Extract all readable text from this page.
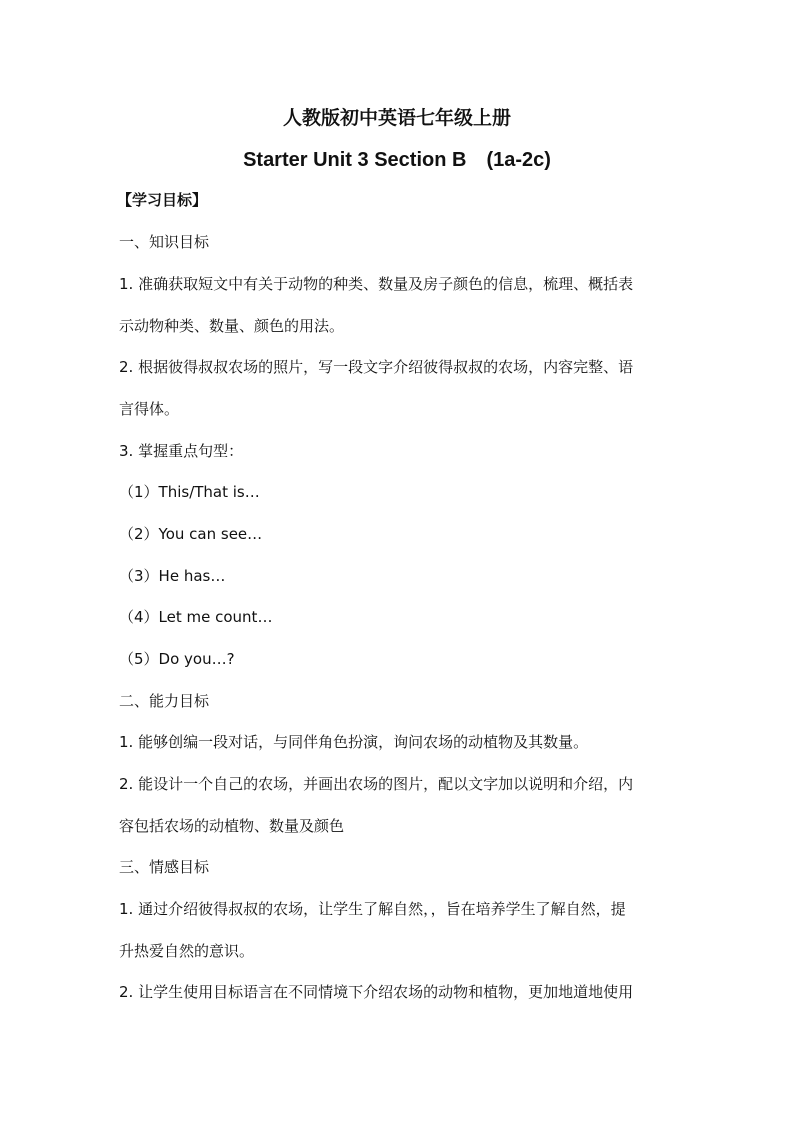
人教版初中英语七年级上册
Starter Unit 3 Section B　(1a-2c)
【学习目标】
一、知识目标
1. 准确获取短文中有关于动物的种类、数量及房子颜色的信息，梳理、概括表
示动物种类、数量、颜色的用法。
2. 根据彼得叔叔农场的照片，写一段文字介绍彼得叔叔的农场，内容完整、语
言得体。
3. 掌握重点句型：
（1）This/That is…
（2）You can see…
（3）He has…
（4）Let me count…
（5）Do you…?
二、能力目标
1. 能够创编一段对话，与同伴角色扮演，询问农场的动植物及其数量。
2. 能设计一个自己的农场，并画出农场的图片，配以文字加以说明和介绍，内
容包括农场的动植物、数量及颜色
三、情感目标
1. 通过介绍彼得叔叔的农场，让学生了解自然，，旨在培养学生了解自然，提
升热爱自然的意识。
2. 让学生使用目标语言在不同情境下介绍农场的动物和植物，更加地道地使用
